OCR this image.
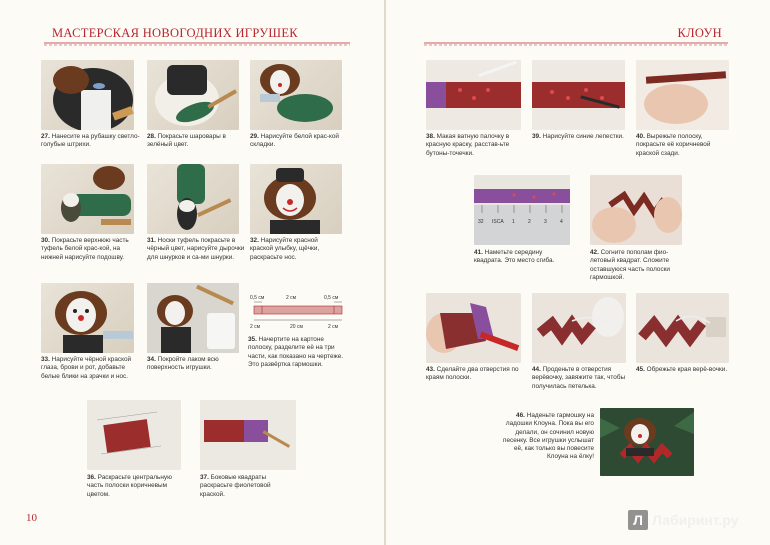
МАСТЕРСКАЯ НОВОГОДНИХ ИГРУШЕК	КЛОУН
10
27. Нанесите на рубашку светло-голубые штрихи.
28. Покрасьте шаровары в зелёный цвет.
29. Нарисуйте белой крас-кой складки.
30. Покрасьте верхнюю часть туфель белой крас-кой, на нижней нарисуйте подошву.
31. Носки туфель покрасьте в чёрный цвет, нарисуйте дырочки для шнурков и са-ми шнурки.
32. Нарисуйте красной краской улыбку, щёчки, раскрасьте нос.
0,5 см	2 см	0,5 см
2 см	20 см	2 см
35. Начертите на картоне полоску, разделите её на три части, как показано на чертеже. Это развёртка гармошки.
33. Нарисуйте чёрной краской глаза, брови и рот, добавьте белые блики на зрачки и нос.
34. Покройте лаком всю поверхность игрушки.
36. Раскрасьте центральную часть полоски коричневым цветом.
37. Боковые квадраты раскрасьте фиолетовой краской.
38. Макая ватную палочку в красную краску, расстав-ьте бутоны-точечки.
39. Нарисуйте синие лепестки. 40. Вырежьте полоску, покрасьте её коричневой краской сзади.
32 ISCA 1	2	3	4
41. Наметьте середину квадрата. Это место сгиба.
42. Согните пополам фио-летовый квадрат. Сложите оставшуюся часть полоски гармошкой.
43. Сделайте два отверстия по краям полоски.
44. Проденьте в отверстия верёвочку, завяжите так, чтобы получилась петелька.
45. Обрежьте края верё-вочки.
46. Наденьте гармошку на ладошки Клоуна. Пока вы его делали, он сочинил новую песенку. Все игрушки услышат её, как только вы повесите Клоуна на ёлку!
Л Лабиринт.ру
